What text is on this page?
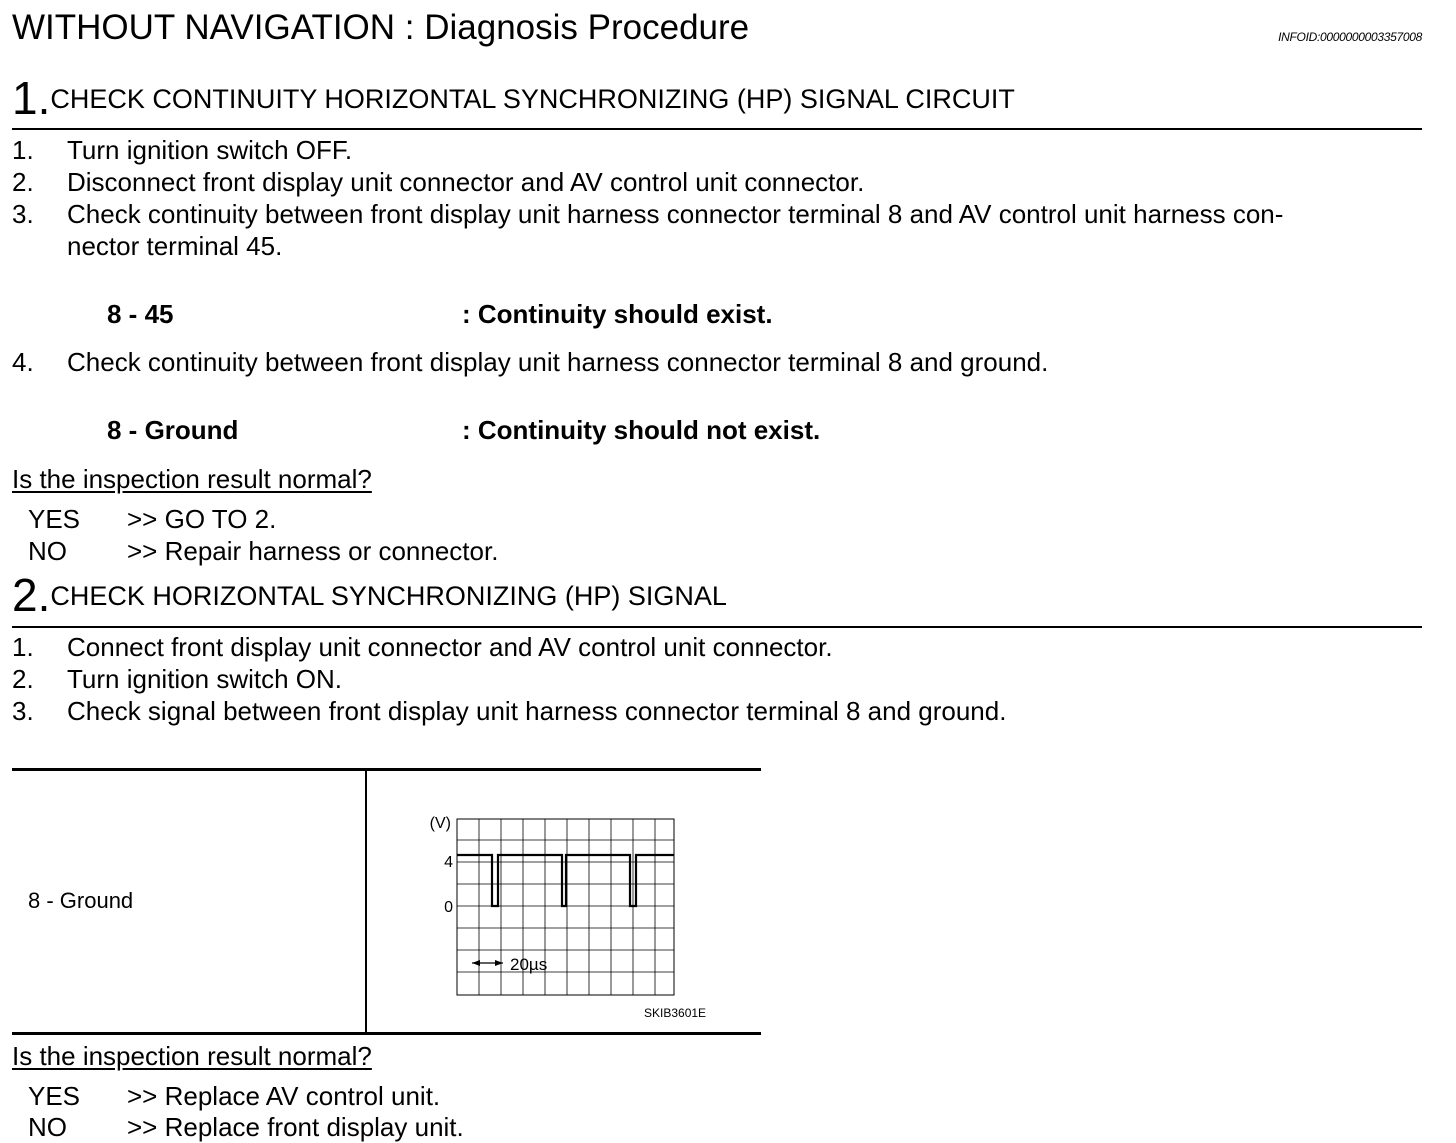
WITHOUT NAVIGATION : Diagnosis Procedure	INFOID:0000000003357008
1.CHECK CONTINUITY HORIZONTAL SYNCHRONIZING (HP) SIGNAL CIRCUIT
1. Turn ignition switch OFF.
2. Disconnect front display unit connector and AV control unit connector.
3. Check continuity between front display unit harness connector terminal 8 and AV control unit harness con-
nector terminal 45.
8 - 45	: Continuity should exist.
4. Check continuity between front display unit harness connector terminal 8 and ground.
8 - Ground	: Continuity should not exist.
Is the inspection result normal?
YES >> GO TO 2.
NO >> Repair harness or connector.
2.CHECK HORIZONTAL SYNCHRONIZING (HP) SIGNAL
1. Connect front display unit connector and AV control unit connector.
2. Turn ignition switch ON.
3. Check signal between front display unit harness connector terminal 8 and ground.
8 - Ground
(V)
4
0
20µs
SKIB3601E
Is the inspection result normal?
YES >> Replace AV control unit.
NO >> Replace front display unit.
